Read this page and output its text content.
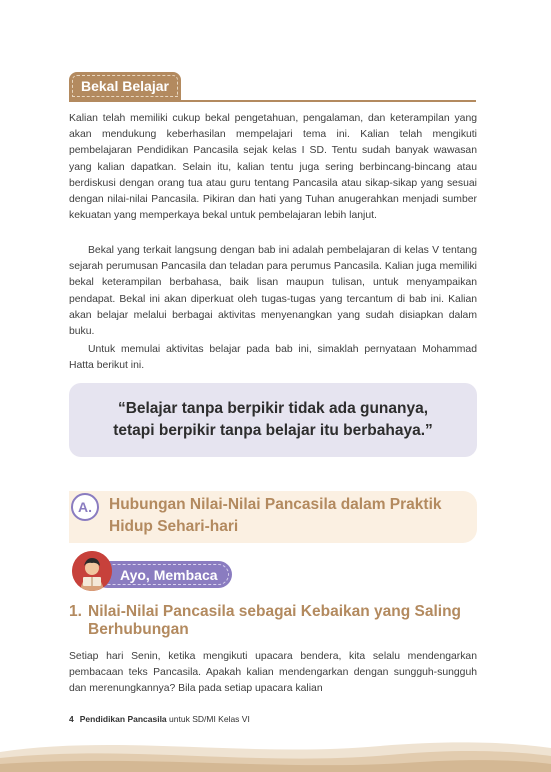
Bekal Belajar

Kalian telah memiliki cukup bekal pengetahuan, pengalaman, dan keterampilan yang akan mendukung keberhasilan mempelajari tema ini. Kalian telah mengikuti pembelajaran Pendidikan Pancasila sejak kelas I SD. Tentu sudah banyak wawasan yang kalian dapatkan. Selain itu, kalian tentu juga sering berbincang-bincang atau berdiskusi dengan orang tua atau guru tentang Pancasila atau sikap-sikap yang sesuai dengan nilai-nilai Pancasila. Pikiran dan hati yang Tuhan anugerahkan menjadi sumber kekuatan yang memperkaya bekal untuk pembelajaran lebih lanjut.

Bekal yang terkait langsung dengan bab ini adalah pembelajaran di kelas V tentang sejarah perumusan Pancasila dan teladan para perumus Pancasila. Kalian juga memiliki bekal keterampilan berbahasa, baik lisan maupun tulisan, untuk menyampaikan pendapat. Bekal ini akan diperkuat oleh tugas-tugas yang tercantum di bab ini. Kalian akan belajar melalui berbagai aktivitas menyenangkan yang sudah disiapkan dalam buku.

Untuk memulai aktivitas belajar pada bab ini, simaklah pernyataan Mohammad Hatta berikut ini.

“Belajar tanpa berpikir tidak ada gunanya,
tetapi berpikir tanpa belajar itu berbahaya.”
A.	Hubungan Nilai-Nilai Pancasila dalam Praktik Hidup Sehari-hari
Ayo, Membaca
1. Nilai-Nilai Pancasila sebagai Kebaikan yang Saling Berhubungan

Setiap hari Senin, ketika mengikuti upacara bendera, kita selalu mendengarkan pembacaan teks Pancasila. Apakah kalian mendengarkan dengan sungguh-sungguh dan merenungkannya? Bila pada setiap upacara kalian

4 Pendidikan Pancasila untuk SD/MI Kelas VI
